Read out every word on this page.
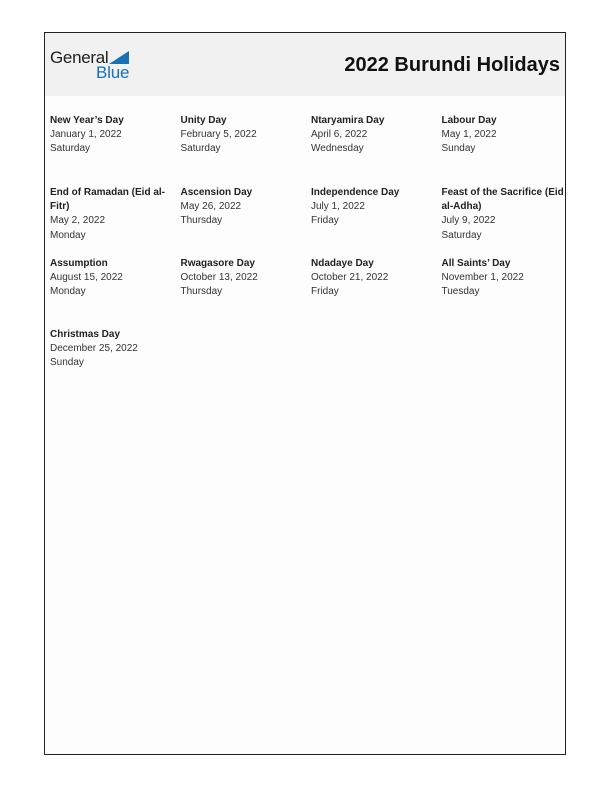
General
Blue	2022 Burundi Holidays
New Year’s Day
January 1, 2022
Saturday
Unity Day
February 5, 2022
Saturday
Ntaryamira Day
April 6, 2022
Wednesday
Labour Day
May 1, 2022
Sunday
End of Ramadan (Eid al-Fitr)
May 2, 2022
Monday
Ascension Day
May 26, 2022
Thursday
Independence Day
July 1, 2022
Friday
Feast of the Sacrifice (Eid al-Adha)
July 9, 2022
Saturday
Assumption
August 15, 2022
Monday
Rwagasore Day
October 13, 2022
Thursday
Ndadaye Day
October 21, 2022
Friday
All Saints’ Day
November 1, 2022
Tuesday
Christmas Day
December 25, 2022
Sunday
